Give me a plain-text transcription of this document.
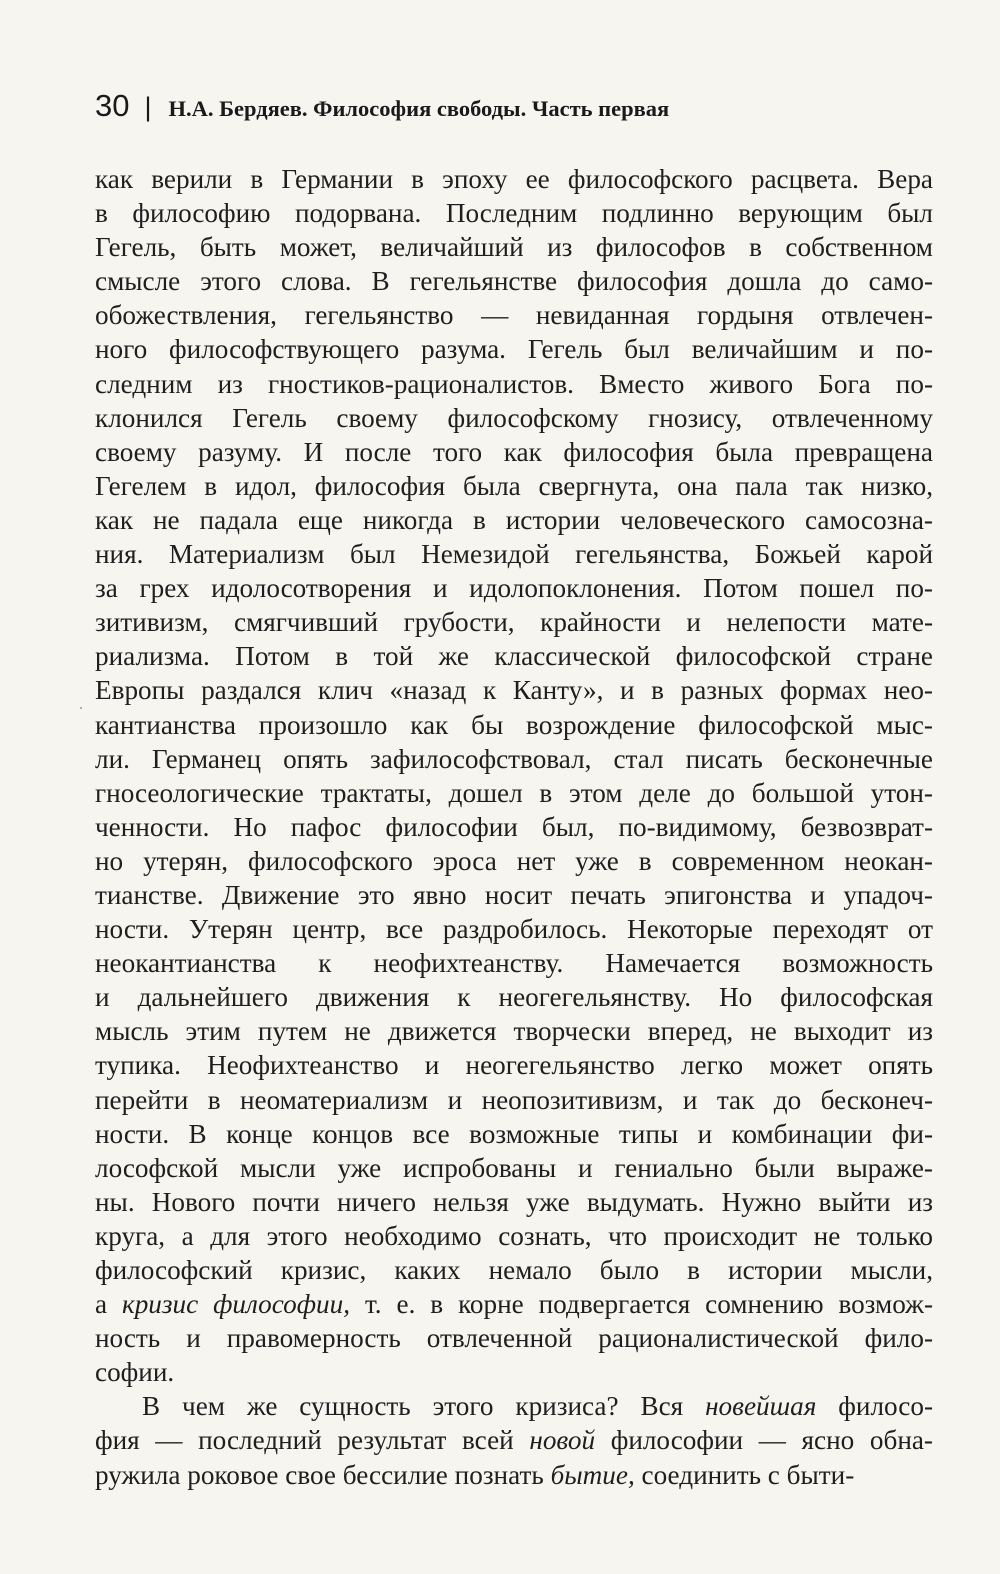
30 | Н.А. Бердяев. Философия свободы. Часть первая
как верили в Германии в эпоху ее философского расцвета. Вера
в философию подорвана. Последним подлинно верующим был
Гегель, быть может, величайший из философов в собственном
смысле этого слова. В гегельянстве философия дошла до само-
обожествления, гегельянство — невиданная гордыня отвлечен-
ного философствующего разума. Гегель был величайшим и по-
следним из гностиков-рационалистов. Вместо живого Бога по-
клонился Гегель своему философскому гнозису, отвлеченному
своему разуму. И после того как философия была превращена
Гегелем в идол, философия была свергнута, она пала так низко,
как не падала еще никогда в истории человеческого самосозна-
ния. Материализм был Немезидой гегельянства, Божьей карой
за грех идолосотворения и идолопоклонения. Потом пошел по-
зитивизм, смягчивший грубости, крайности и нелепости мате-
риализма. Потом в той же классической философской стране
Европы раздался клич «назад к Канту», и в разных формах нео-
кантианства произошло как бы возрождение философской мыс-
ли. Германец опять зафилософствовал, стал писать бесконечные
гносеологические трактаты, дошел в этом деле до большой утон-
ченности. Но пафос философии был, по-видимому, безвозврат-
но утерян, философского эроса нет уже в современном неокан-
тианстве. Движение это явно носит печать эпигонства и упадоч-
ности. Утерян центр, все раздробилось. Некоторые переходят от
неокантианства к неофихтеанству. Намечается возможность
и дальнейшего движения к неогегельянству. Но философская
мысль этим путем не движется творчески вперед, не выходит из
тупика. Неофихтеанство и неогегельянство легко может опять
перейти в неоматериализм и неопозитивизм, и так до бесконеч-
ности. В конце концов все возможные типы и комбинации фи-
лософской мысли уже испробованы и гениально были выраже-
ны. Нового почти ничего нельзя уже выдумать. Нужно выйти из
круга, а для этого необходимо сознать, что происходит не только
философский кризис, каких немало было в истории мысли,
а кризис философии, т. е. в корне подвергается сомнению возмож-
ность и правомерность отвлеченной рационалистической фило-
софии.
В чем же сущность этого кризиса? Вся новейшая филосо-
фия — последний результат всей новой философии — ясно обна-
ружила роковое свое бессилие познать бытие, соединить с быти-
